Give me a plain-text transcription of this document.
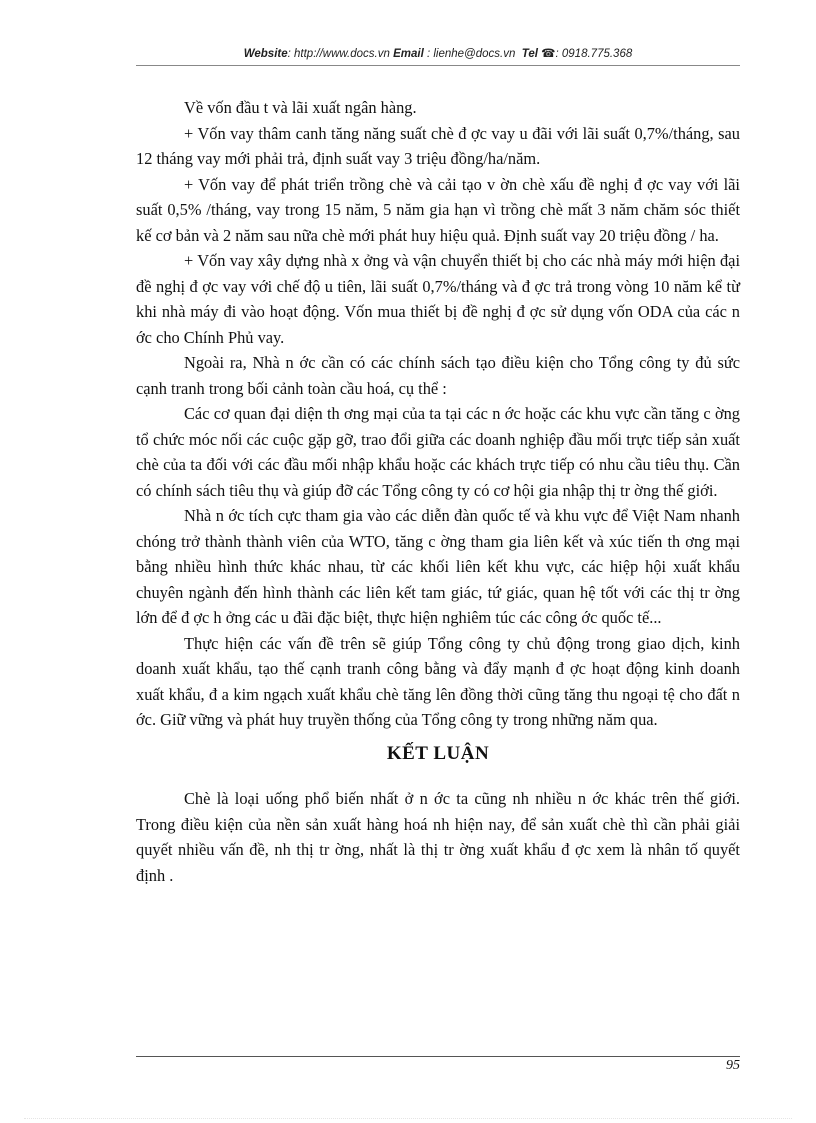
Website: http://www.docs.vn Email : lienhe@docs.vn  Tel ☎: 0918.775.368

Về vốn đầu t và lãi xuất ngân hàng.

+ Vốn vay thâm canh tăng năng suất chè đ ợc vay u đãi với lãi suất 0,7%/tháng, sau 12 tháng vay mới phải trả, định suất vay 3 triệu đồng/ha/năm.

+ Vốn vay để phát triển trồng chè và cải tạo v ờn chè xấu đề nghị đ ợc vay với lãi suất 0,5% /tháng, vay trong 15 năm, 5 năm gia hạn vì trồng chè mất 3 năm chăm sóc thiết kế cơ bản và 2 năm sau nữa chè mới phát huy hiệu quả. Định suất vay 20 triệu đồng / ha.

+ Vốn vay xây dựng nhà x ởng và vận chuyển thiết bị cho các nhà máy mới hiện đại đề nghị đ ợc vay với chế độ u tiên, lãi suất 0,7%/tháng và đ ợc trả trong vòng 10 năm kể từ khi nhà máy đi vào hoạt động. Vốn mua thiết bị đề nghị đ ợc sử dụng vốn ODA của các n ớc cho Chính Phủ vay.

Ngoài ra, Nhà n ớc cần có các chính sách tạo điều kiện cho Tổng công ty đủ sức cạnh tranh trong bối cảnh toàn cầu hoá, cụ thể :

Các cơ quan đại diện th ơng mại của ta tại các n ớc hoặc các khu vực cần tăng c ờng tổ chức móc nối các cuộc gặp gỡ, trao đổi giữa các doanh nghiệp đầu mối trực tiếp sản xuất chè của ta đối với các đầu mối nhập khẩu hoặc các khách trực tiếp có nhu cầu tiêu thụ. Cần có chính sách tiêu thụ và giúp đỡ các Tổng công ty có cơ hội gia nhập thị tr ờng thế giới.

Nhà n ớc tích cực tham gia vào các diễn đàn quốc tế và khu vực để Việt Nam nhanh chóng trở thành thành viên của WTO, tăng c ờng tham gia liên kết và xúc tiến th ơng mại bằng nhiều hình thức khác nhau, từ các khối liên kết khu vực, các hiệp hội xuất khẩu chuyên ngành đến hình thành các liên kết tam giác, tứ giác, quan hệ tốt với các thị tr ờng lớn để đ ợc h ởng các u đãi đặc biệt, thực hiện nghiêm túc các công ớc quốc tế...

Thực hiện các vấn đề trên sẽ giúp Tổng công ty chủ động trong giao dịch, kinh doanh xuất khẩu, tạo thế cạnh tranh công bằng và đẩy mạnh đ ợc hoạt động kinh doanh xuất khẩu, đ a kim ngạch xuất khẩu chè tăng lên đồng thời cũng tăng thu ngoại tệ cho đất n ớc. Giữ vững và phát huy truyền thống của Tổng công ty trong những năm qua.

KẾT LUẬN

Chè là loại uống phổ biến nhất ở n ớc ta cũng nh nhiều n ớc khác trên thế giới. Trong điều kiện của nền sản xuất hàng hoá nh hiện nay, để sản xuất chè thì cần phải giải quyết nhiều vấn đề, nh thị tr ờng, nhất là thị tr ờng xuất khẩu đ ợc xem là nhân tố quyết định .

95
